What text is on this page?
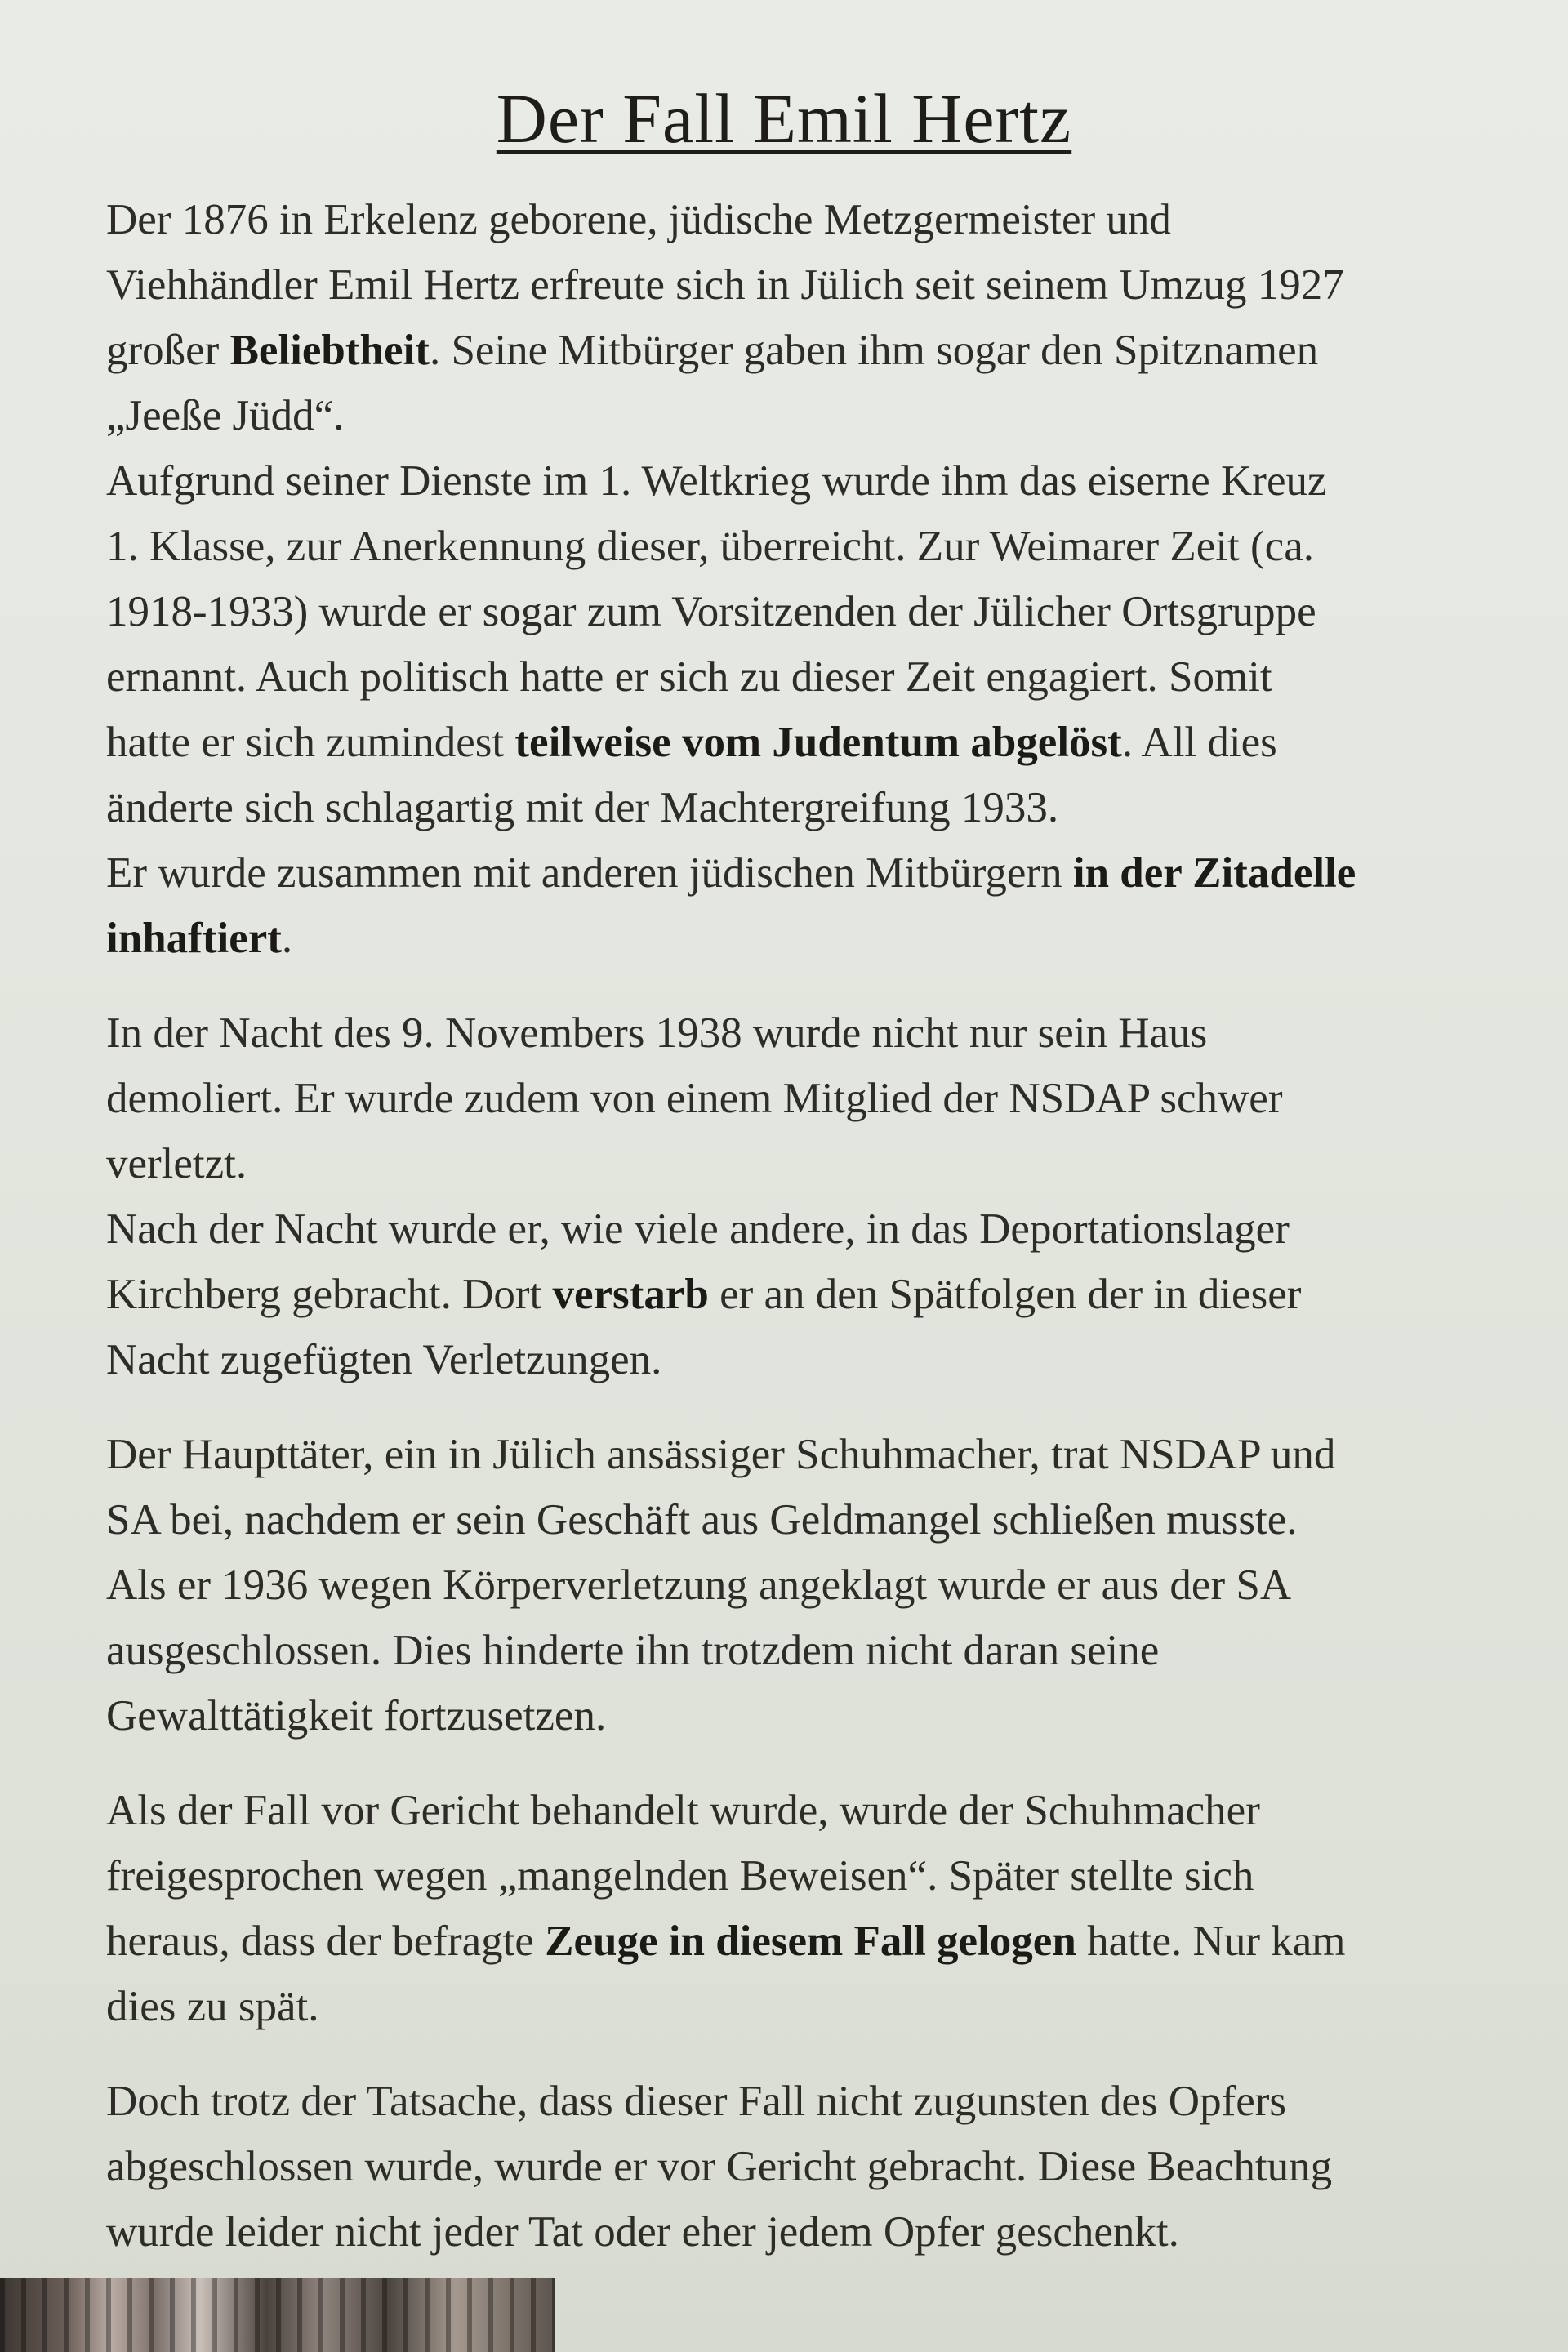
Der Fall Emil Hertz

Der 1876 in Erkelenz geborene, jüdische Metzgermeister und
Viehhändler Emil Hertz erfreute sich in Jülich seit seinem Umzug 1927
großer Beliebtheit. Seine Mitbürger gaben ihm sogar den Spitznamen
„Jeeße Jüdd“.
Aufgrund seiner Dienste im 1. Weltkrieg wurde ihm das eiserne Kreuz
1. Klasse, zur Anerkennung dieser, überreicht. Zur Weimarer Zeit (ca.
1918-1933) wurde er sogar zum Vorsitzenden der Jülicher Ortsgruppe
ernannt. Auch politisch hatte er sich zu dieser Zeit engagiert. Somit
hatte er sich zumindest teilweise vom Judentum abgelöst. All dies
änderte sich schlagartig mit der Machtergreifung 1933.
Er wurde zusammen mit anderen jüdischen Mitbürgern in der Zitadelle
inhaftiert.

In der Nacht des 9. Novembers 1938 wurde nicht nur sein Haus
demoliert. Er wurde zudem von einem Mitglied der NSDAP schwer
verletzt.
Nach der Nacht wurde er, wie viele andere, in das Deportationslager
Kirchberg gebracht. Dort verstarb er an den Spätfolgen der in dieser
Nacht zugefügten Verletzungen.

Der Haupttäter, ein in Jülich ansässiger Schuhmacher, trat NSDAP und
SA bei, nachdem er sein Geschäft aus Geldmangel schließen musste.
Als er 1936 wegen Körperverletzung angeklagt wurde er aus der SA
ausgeschlossen. Dies hinderte ihn trotzdem nicht daran seine
Gewalttätigkeit fortzusetzen.

Als der Fall vor Gericht behandelt wurde, wurde der Schuhmacher
freigesprochen wegen „mangelnden Beweisen“. Später stellte sich
heraus, dass der befragte Zeuge in diesem Fall gelogen hatte. Nur kam
dies zu spät.

Doch trotz der Tatsache, dass dieser Fall nicht zugunsten des Opfers
abgeschlossen wurde, wurde er vor Gericht gebracht. Diese Beachtung
wurde leider nicht jeder Tat oder eher jedem Opfer geschenkt.
